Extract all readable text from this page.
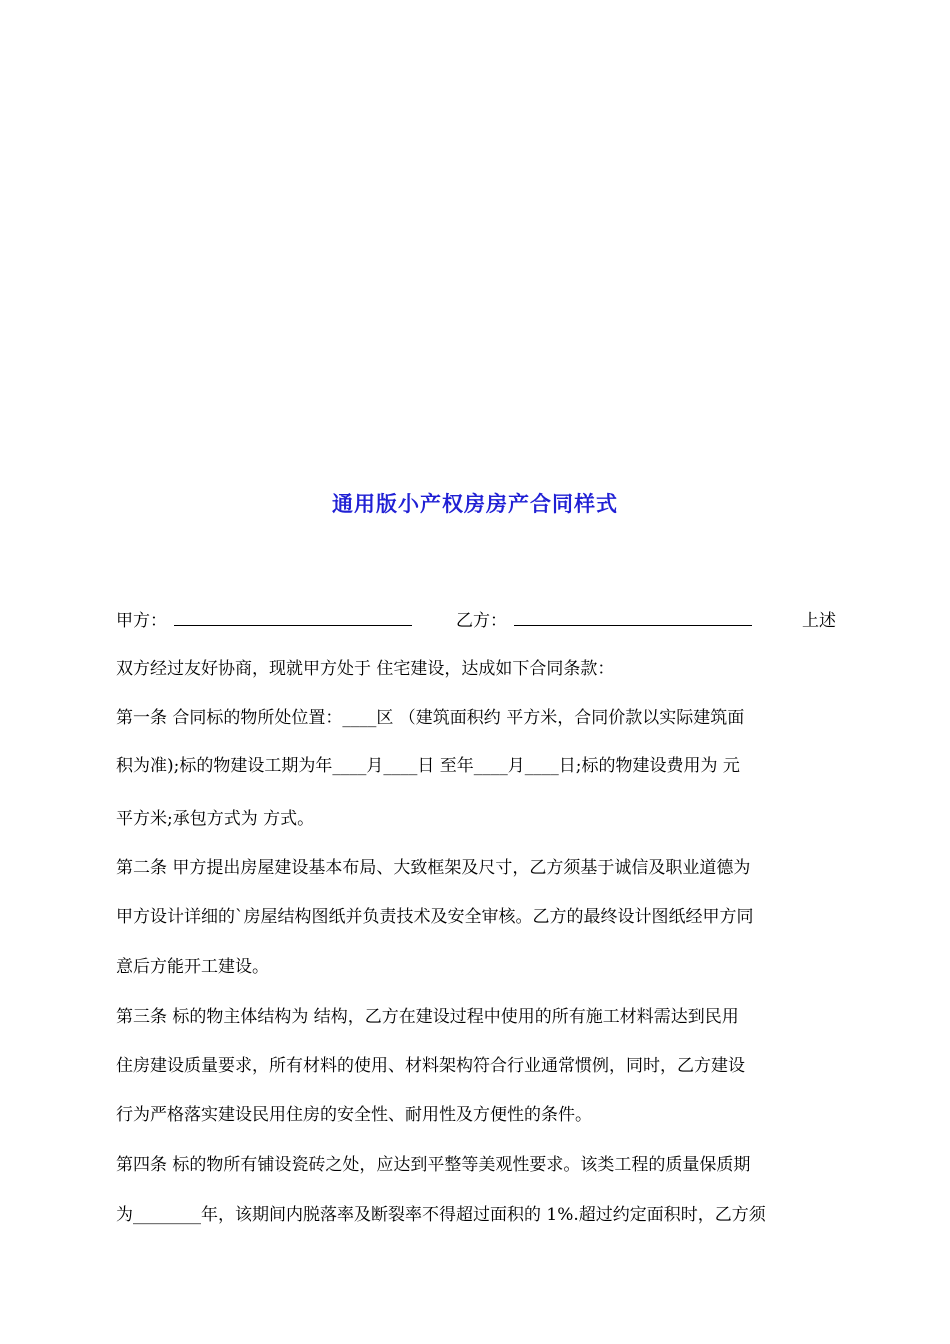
通用版小产权房房产合同样式
甲方：	乙方：	上述
双方经过友好协商，现就甲方处于 住宅建设，达成如下合同条款：
第一条 合同标的物所处位置：____区 （建筑面积约 平方米，合同价款以实际建筑面
积为准);标的物建设工期为年____月____日 至年____月____日;标的物建设费用为 元
平方米;承包方式为 方式。
第二条 甲方提出房屋建设基本布局、大致框架及尺寸，乙方须基于诚信及职业道德为
甲方设计详细的`房屋结构图纸并负责技术及安全审核。乙方的最终设计图纸经甲方同
意后方能开工建设。
第三条 标的物主体结构为 结构，乙方在建设过程中使用的所有施工材料需达到民用
住房建设质量要求，所有材料的使用、材料架构符合行业通常惯例，同时，乙方建设
行为严格落实建设民用住房的安全性、耐用性及方便性的条件。
第四条 标的物所有铺设瓷砖之处，应达到平整等美观性要求。该类工程的质量保质期
为________年，该期间内脱落率及断裂率不得超过面积的 1%.超过约定面积时，乙方须
